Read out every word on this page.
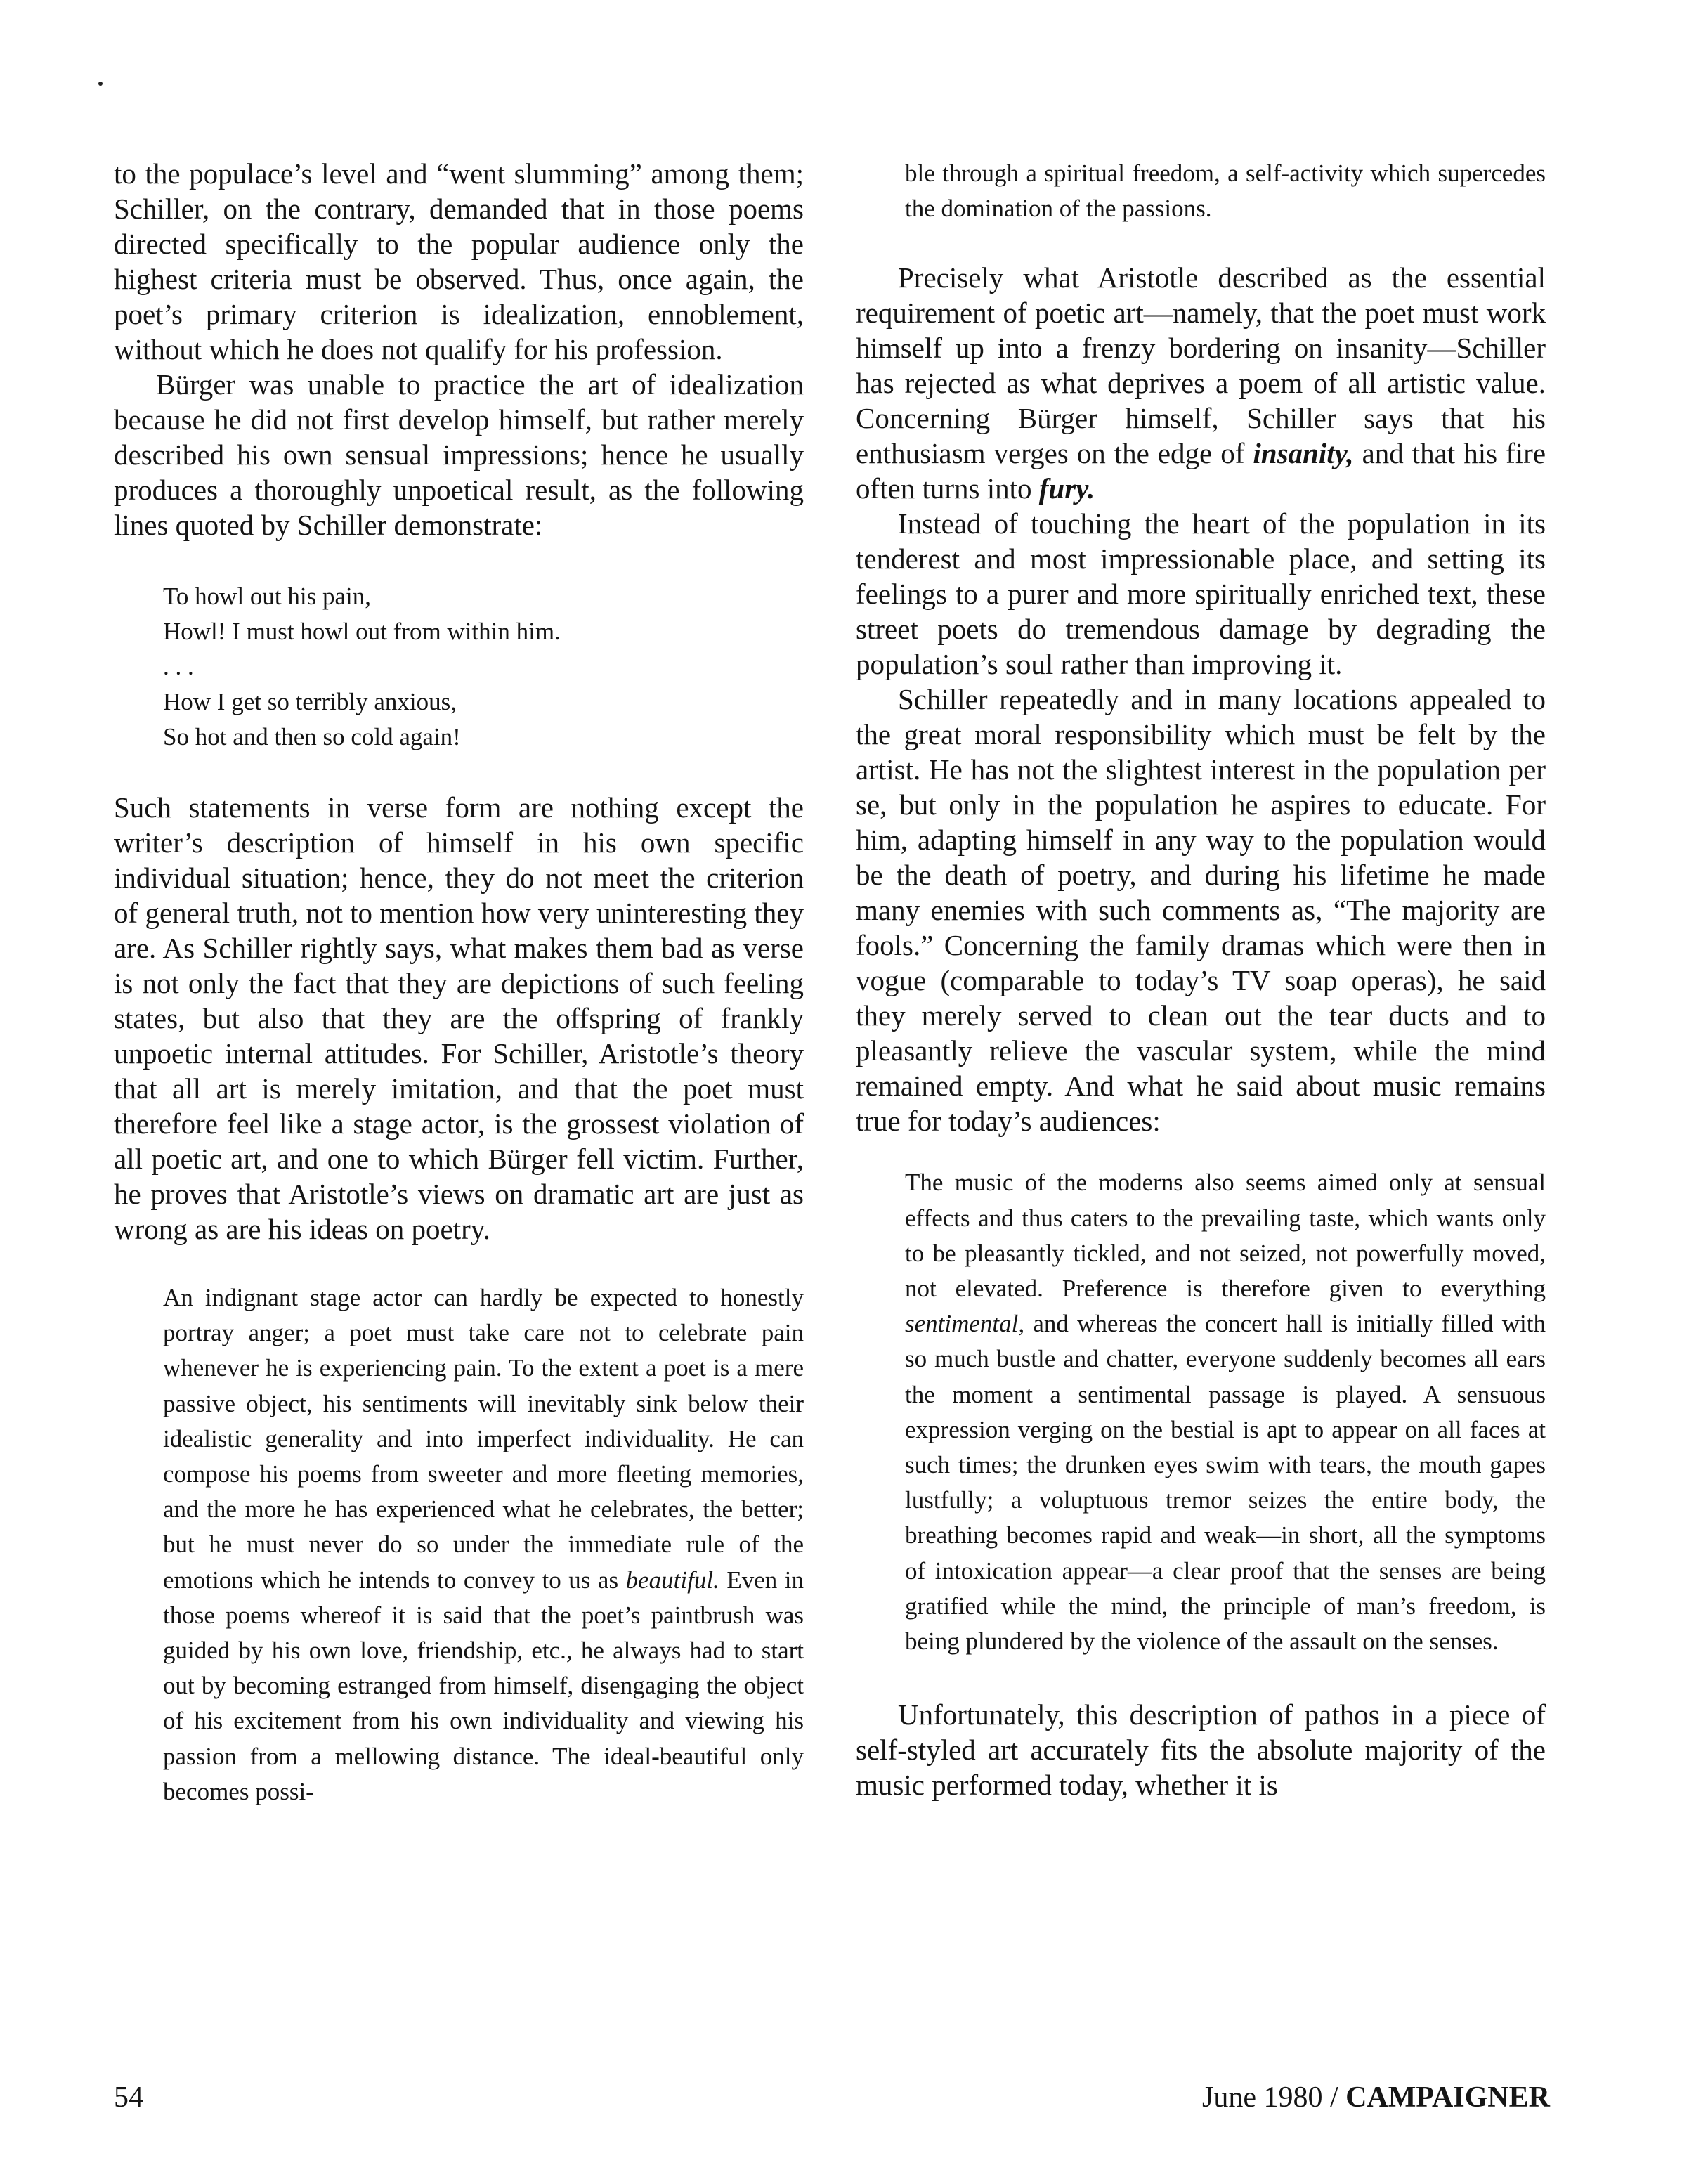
to the populace’s level and “went slumming” among them; Schiller, on the contrary, demanded that in those poems directed specifically to the popular audience only the highest criteria must be observed. Thus, once again, the poet’s primary criterion is idealization, ennoblement, without which he does not qualify for his profession.

Bürger was unable to practice the art of idealization because he did not first develop himself, but rather merely described his own sensual impressions; hence he usually produces a thoroughly unpoetical result, as the following lines quoted by Schiller demonstrate:

To howl out his pain,
Howl! I must howl out from within him.
. . .
How I get so terribly anxious,
So hot and then so cold again!

Such statements in verse form are nothing except the writer’s description of himself in his own specific individual situation; hence, they do not meet the criterion of general truth, not to mention how very uninteresting they are. As Schiller rightly says, what makes them bad as verse is not only the fact that they are depictions of such feeling states, but also that they are the offspring of frankly unpoetic internal attitudes. For Schiller, Aristotle’s theory that all art is merely imitation, and that the poet must therefore feel like a stage actor, is the grossest violation of all poetic art, and one to which Bürger fell victim. Further, he proves that Aristotle’s views on dramatic art are just as wrong as are his ideas on poetry.

An indignant stage actor can hardly be expected to honestly portray anger; a poet must take care not to celebrate pain whenever he is experiencing pain. To the extent a poet is a mere passive object, his sentiments will inevitably sink below their idealistic generality and into imperfect individuality. He can compose his poems from sweeter and more fleeting memories, and the more he has experienced what he celebrates, the better; but he must never do so under the immediate rule of the emotions which he intends to convey to us as beautiful. Even in those poems whereof it is said that the poet’s paintbrush was guided by his own love, friendship, etc., he always had to start out by becoming estranged from himself, disengaging the object of his excitement from his own individuality and viewing his passion from a mellowing distance. The ideal-beautiful only becomes possi-

ble through a spiritual freedom, a self-activity which supercedes the domination of the passions.

Precisely what Aristotle described as the essential requirement of poetic art—namely, that the poet must work himself up into a frenzy bordering on insanity—Schiller has rejected as what deprives a poem of all artistic value. Concerning Bürger himself, Schiller says that his enthusiasm verges on the edge of insanity, and that his fire often turns into fury.

Instead of touching the heart of the population in its tenderest and most impressionable place, and setting its feelings to a purer and more spiritually enriched text, these street poets do tremendous damage by degrading the population’s soul rather than improving it.

Schiller repeatedly and in many locations appealed to the great moral responsibility which must be felt by the artist. He has not the slightest interest in the population per se, but only in the population he aspires to educate. For him, adapting himself in any way to the population would be the death of poetry, and during his lifetime he made many enemies with such comments as, “The majority are fools.” Concerning the family dramas which were then in vogue (comparable to today’s TV soap operas), he said they merely served to clean out the tear ducts and to pleasantly relieve the vascular system, while the mind remained empty. And what he said about music remains true for today’s audiences:

The music of the moderns also seems aimed only at sensual effects and thus caters to the prevailing taste, which wants only to be pleasantly tickled, and not seized, not powerfully moved, not elevated. Preference is therefore given to everything sentimental, and whereas the concert hall is initially filled with so much bustle and chatter, everyone suddenly becomes all ears the moment a sentimental passage is played. A sensuous expression verging on the bestial is apt to appear on all faces at such times; the drunken eyes swim with tears, the mouth gapes lustfully; a voluptuous tremor seizes the entire body, the breathing becomes rapid and weak—in short, all the symptoms of intoxication appear—a clear proof that the senses are being gratified while the mind, the principle of man’s freedom, is being plundered by the violence of the assault on the senses.

Unfortunately, this description of pathos in a piece of self-styled art accurately fits the absolute majority of the music performed today, whether it is

54	June 1980 / CAMPAIGNER
